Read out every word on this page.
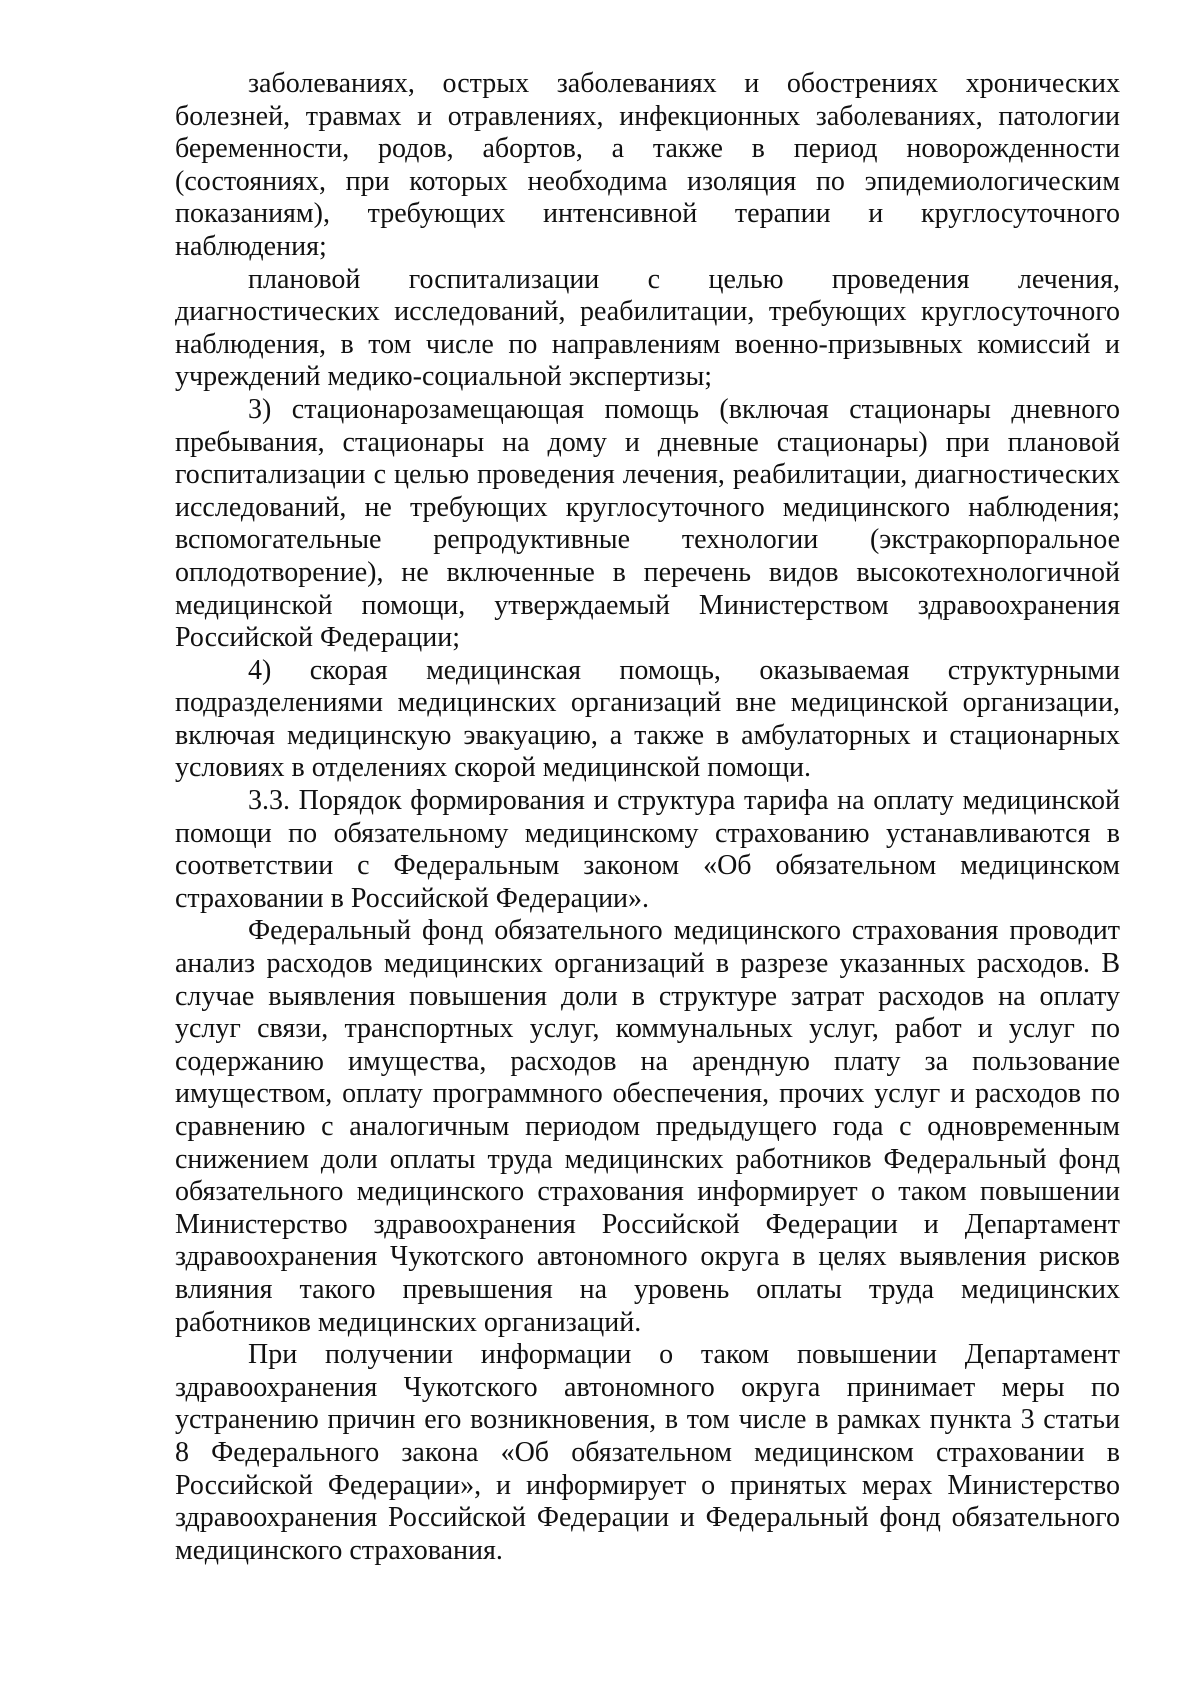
заболеваниях, острых заболеваниях и обострениях хронических болезней, травмах и отравлениях, инфекционных заболеваниях, патологии беременности, родов, абортов, а также в период новорожденности (состояниях, при которых необходима изоляция по эпидемиологическим показаниям), требующих интенсивной терапии и круглосуточного наблюдения;

плановой госпитализации с целью проведения лечения, диагностических исследований, реабилитации, требующих круглосуточного наблюдения, в том числе по направлениям военно-призывных комиссий и учреждений медико-социальной экспертизы;

3) стационарозамещающая помощь (включая стационары дневного пребывания, стационары на дому и дневные стационары) при плановой госпитализации с целью проведения лечения, реабилитации, диагностических исследований, не требующих круглосуточного медицинского наблюдения; вспомогательные репродуктивные технологии (экстракорпоральное оплодотворение), не включенные в перечень видов высокотехнологичной медицинской помощи, утверждаемый Министерством здравоохранения Российской Федерации;

4) скорая медицинская помощь, оказываемая структурными подразделениями медицинских организаций вне медицинской организации, включая медицинскую эвакуацию, а также в амбулаторных и стационарных условиях в отделениях скорой медицинской помощи.

3.3. Порядок формирования и структура тарифа на оплату медицинской помощи по обязательному медицинскому страхованию устанавливаются в соответствии с Федеральным законом «Об обязательном медицинском страховании в Российской Федерации».

Федеральный фонд обязательного медицинского страхования проводит анализ расходов медицинских организаций в разрезе указанных расходов. В случае выявления повышения доли в структуре затрат расходов на оплату услуг связи, транспортных услуг, коммунальных услуг, работ и услуг по содержанию имущества, расходов на арендную плату за пользование имуществом, оплату программного обеспечения, прочих услуг и расходов по сравнению с аналогичным периодом предыдущего года с одновременным снижением доли оплаты труда медицинских работников Федеральный фонд обязательного медицинского страхования информирует о таком повышении Министерство здравоохранения Российской Федерации и Департамент здравоохранения Чукотского автономного округа в целях выявления рисков влияния такого превышения на уровень оплаты труда медицинских работников медицинских организаций.

При получении информации о таком повышении Департамент здравоохранения Чукотского автономного округа принимает меры по устранению причин его возникновения, в том числе в рамках пункта 3 статьи 8 Федерального закона «Об обязательном медицинском страховании в Российской Федерации», и информирует о принятых мерах Министерство здравоохранения Российской Федерации и Федеральный фонд обязательного медицинского страхования.
